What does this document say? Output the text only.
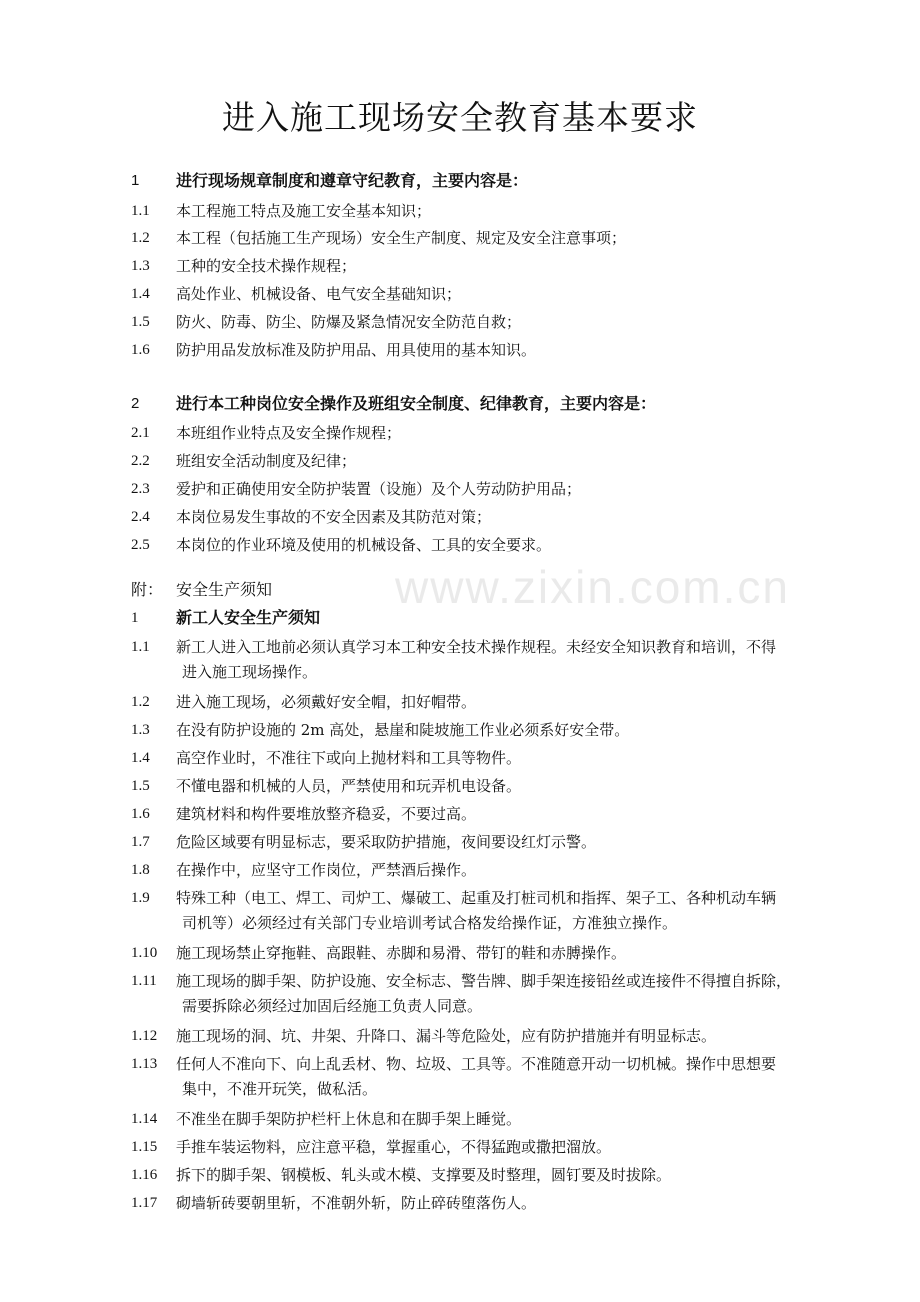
www.zixin.com.cn
进入施工现场安全教育基本要求
1 进行现场规章制度和遵章守纪教育，主要内容是：
1.1 本工程施工特点及施工安全基本知识；
1.2 本工程（包括施工生产现场）安全生产制度、规定及安全注意事项；
1.3 工种的安全技术操作规程；
1.4 高处作业、机械设备、电气安全基础知识；
1.5 防火、防毒、防尘、防爆及紧急情况安全防范自救；
1.6 防护用品发放标准及防护用品、用具使用的基本知识。
2 进行本工种岗位安全操作及班组安全制度、纪律教育，主要内容是：
2.1 本班组作业特点及安全操作规程；
2.2 班组安全活动制度及纪律；
2.3 爱护和正确使用安全防护装置（设施）及个人劳动防护用品；
2.4 本岗位易发生事故的不安全因素及其防范对策；
2.5 本岗位的作业环境及使用的机械设备、工具的安全要求。
附： 安全生产须知
1 新工人安全生产须知
1.1 新工人进入工地前必须认真学习本工种安全技术操作规程。未经安全知识教育和培训，不得
进入施工现场操作。
1.2 进入施工现场，必须戴好安全帽，扣好帽带。
1.3 在没有防护设施的 2m 高处，悬崖和陡坡施工作业必须系好安全带。
1.4 高空作业时，不准往下或向上抛材料和工具等物件。
1.5 不懂电器和机械的人员，严禁使用和玩弄机电设备。
1.6 建筑材料和构件要堆放整齐稳妥，不要过高。
1.7 危险区域要有明显标志，要采取防护措施，夜间要设红灯示警。
1.8 在操作中，应坚守工作岗位，严禁酒后操作。
1.9 特殊工种（电工、焊工、司炉工、爆破工、起重及打桩司机和指挥、架子工、各种机动车辆
司机等）必须经过有关部门专业培训考试合格发给操作证，方准独立操作。
1.10 施工现场禁止穿拖鞋、高跟鞋、赤脚和易滑、带钉的鞋和赤膊操作。
1.11 施工现场的脚手架、防护设施、安全标志、警告牌、脚手架连接铅丝或连接件不得擅自拆除，
需要拆除必须经过加固后经施工负责人同意。
1.12 施工现场的洞、坑、井架、升降口、漏斗等危险处，应有防护措施并有明显标志。
1.13 任何人不准向下、向上乱丢材、物、垃圾、工具等。不准随意开动一切机械。操作中思想要
集中，不准开玩笑，做私活。
1.14 不准坐在脚手架防护栏杆上休息和在脚手架上睡觉。
1.15 手推车装运物料，应注意平稳，掌握重心，不得猛跑或撒把溜放。
1.16 拆下的脚手架、钢模板、轧头或木模、支撑要及时整理，圆钉要及时拔除。
1.17 砌墙斩砖要朝里斩，不准朝外斩，防止碎砖堕落伤人。
